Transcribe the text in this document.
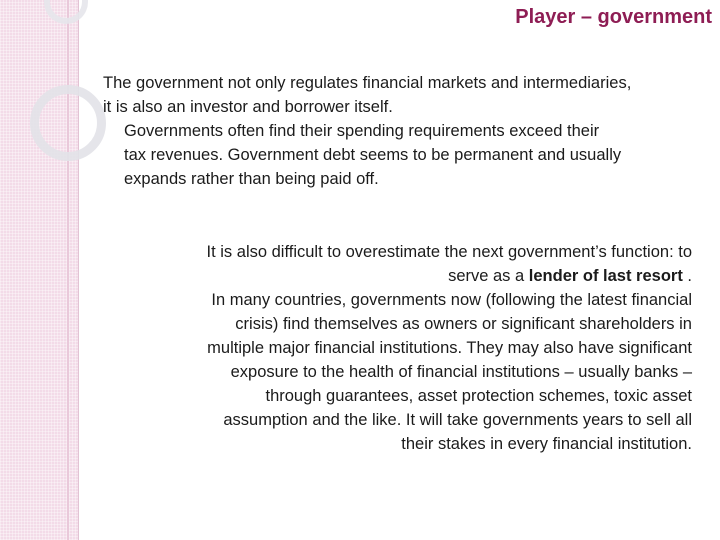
Player – government
The government not only regulates financial markets and intermediaries,
it is also an investor and borrower itself.
Governments often find their spending requirements exceed their
tax revenues. Government debt seems to be permanent and usually
expands rather than being paid off.
It is also difficult to overestimate the next government’s function: to
serve as a lender of last resort .
In many countries, governments now (following the latest financial
crisis) find themselves as owners or significant shareholders in
multiple major financial institutions. They may also have significant
exposure to the health of financial institutions – usually banks –
through guarantees, asset protection schemes, toxic asset
assumption and the like. It will take governments years to sell all
their stakes in every financial institution.
